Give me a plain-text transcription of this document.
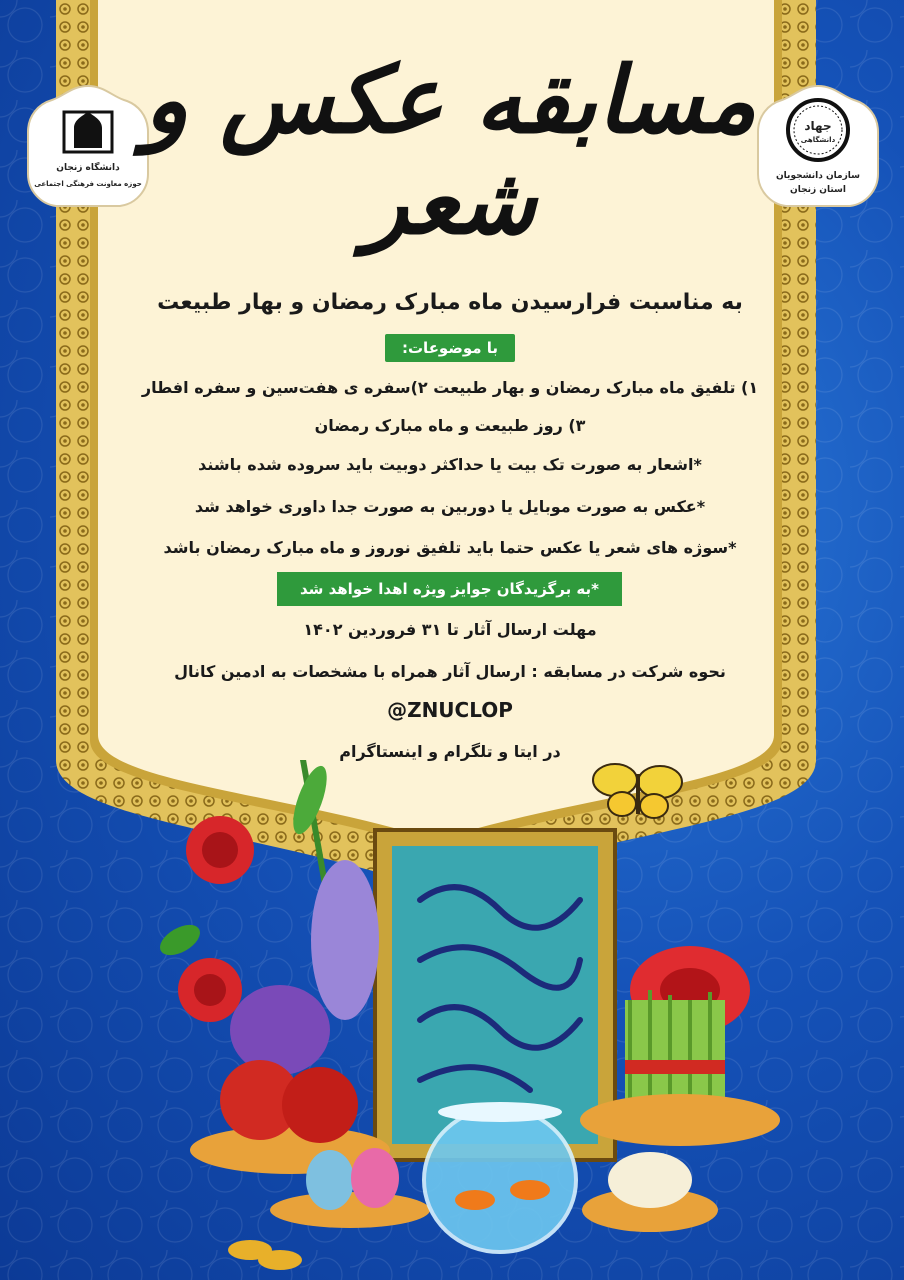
دانشگاه زنجان
حوزه معاونت فرهنگی اجتماعی
جهاد
دانشگاهی
سازمان دانشجویان
استان زنجان
مسابقه عکس و شعر
به مناسبت فرارسیدن ماه مبارک رمضان و بهار طبیعت
با موضوعات:
۱) تلفیق ماه مبارک رمضان و بهار طبیعت ۲)سفره ی هفت‌سین و سفره افطار
۳) روز طبیعت و ماه مبارک رمضان
*اشعار به صورت تک بیت یا حداکثر دوبیت باید سروده شده باشند
*عکس به صورت موبایل یا دوربین به صورت جدا داوری خواهد شد
*سوژه های شعر یا عکس حتما باید تلفیق نوروز و ماه مبارک رمضان باشد
*به برگزیدگان جوایز ویژه اهدا خواهد شد
مهلت ارسال آثار تا ۳۱ فروردین ۱۴۰۲
نحوه شرکت در مسابقه : ارسال آثار همراه با مشخصات به ادمین کانال
@ZNUCLOP
در ایتا و تلگرام و اینستاگرام
